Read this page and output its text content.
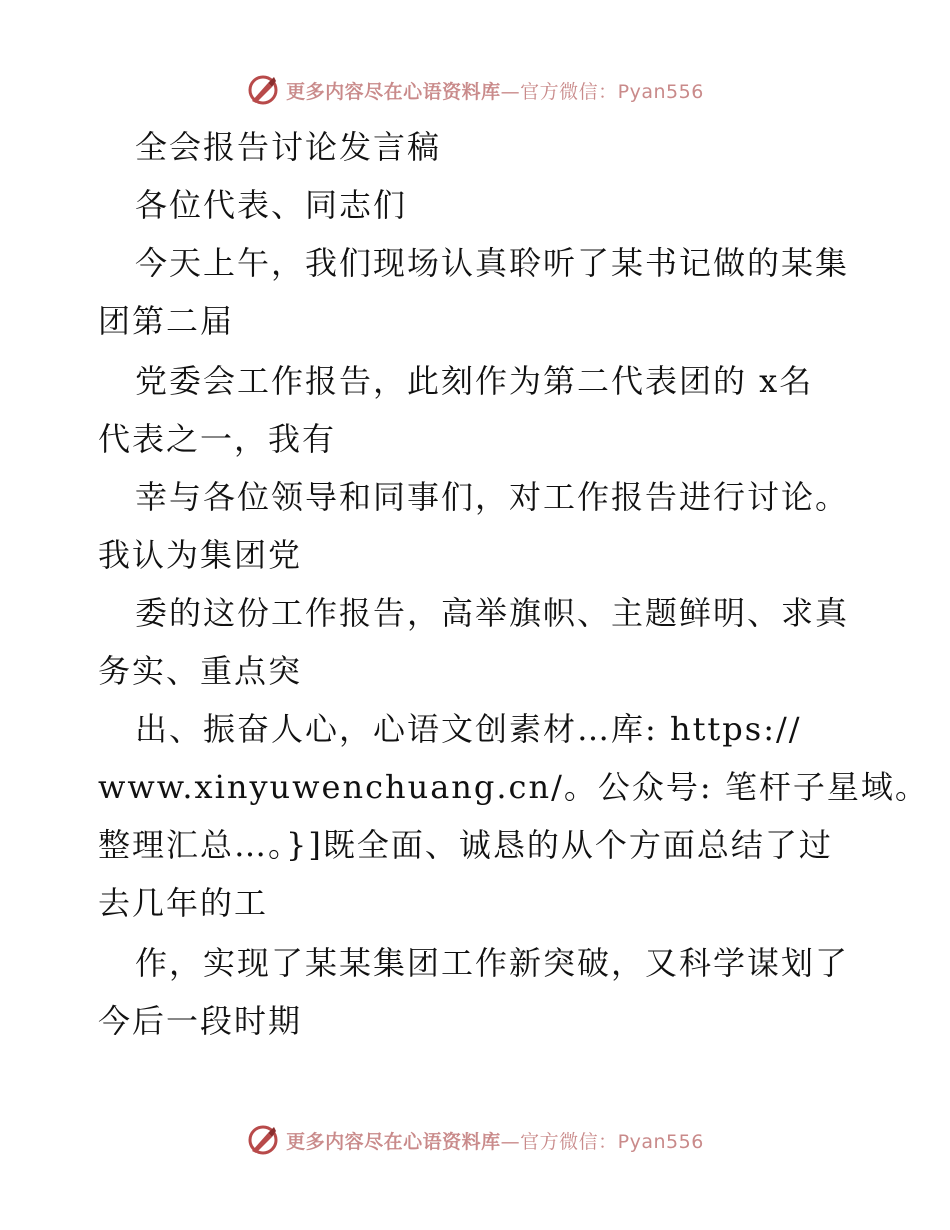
更多内容尽在心语资料库—官方微信：Pyan556
全会报告讨论发言稿
各位代表、同志们
今天上午，我们现场认真聆听了某书记做的某集
团第二届
党委会工作报告，此刻作为第二代表团的 x名
代表之一，我有
幸与各位领导和同事们，对工作报告进行讨论。
我认为集团党
委的这份工作报告，高举旗帜、主题鲜明、求真
务实、重点突
出、振奋人心，心语文创素材…库: https://
www.xinyuwenchuang.cn/。公众号: 笔杆子星域。
整理汇总…。}]既全面、诚恳的从个方面总结了过
去几年的工
作，实现了某某集团工作新突破，又科学谋划了
今后一段时期
更多内容尽在心语资料库—官方微信：Pyan556
